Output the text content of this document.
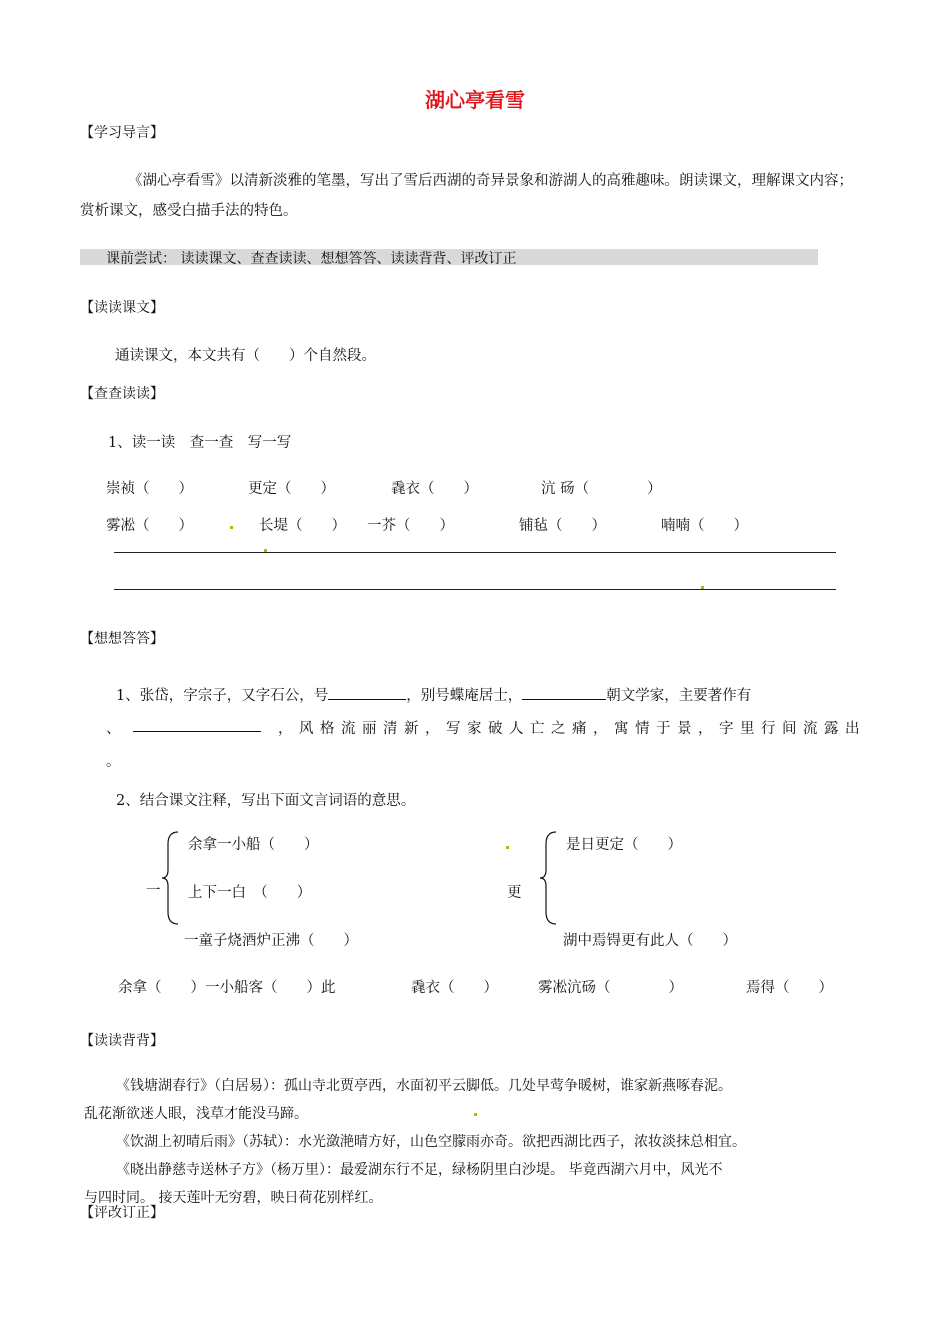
湖心亭看雪
【学习导言】
《湖心亭看雪》以清新淡雅的笔墨，写出了雪后西湖的奇异景象和游湖人的高雅趣味。朗读课文，理解课文内容；赏析课文，感受白描手法的特色。
课前尝试： 读读课文、查查读读、想想答答、读读背背、评改订正
【读读课文】
通读课文，本文共有（　　）个自然段。
【查查读读】
1、读一读　查一查　写一写
崇祯（　　）	更定（　　）	毳衣（　　）	沆 砀（　　　　）
雾凇（　　）	长堤（　　） 一芥（　　）	铺毡（　　）	喃喃（　　）
【想想答答】
1、张岱，字宗子，又字石公，号	，别号蝶庵居士，	朝文学家，主要著作有
、	，风格流丽清新，写家破人亡之痛，寓情于景，字里行间流露出
。
2、结合课文注释，写出下面文言词语的意思。
一
余拿一小船（　　）
上下一白　（　　）
一童子烧酒炉正沸（　　）
更
是日更定（　　）
湖中焉锝更有此人（　　）
余拿（　　）一小船客（　　）此	毳衣（　　）	雾凇沆砀（　　　　）	焉得（　　）
【读读背背】

《钱塘湖春行》（白居易）：孤山寺北贾亭西，水面初平云脚低。几处早莺争暖树，谁家新燕啄春泥。

乱花渐欲迷人眼，浅草才能没马蹄。

《饮湖上初晴后雨》（苏轼）：水光潋滟晴方好，山色空朦雨亦奇。欲把西湖比西子，浓妆淡抹总相宜。

《晓出静慈寺送林子方》（杨万里）：最爱湖东行不足，绿杨阴里白沙堤。 毕竟西湖六月中，风光不

与四时同。 接天莲叶无穷碧，映日荷花别样红。

【评改订正】
